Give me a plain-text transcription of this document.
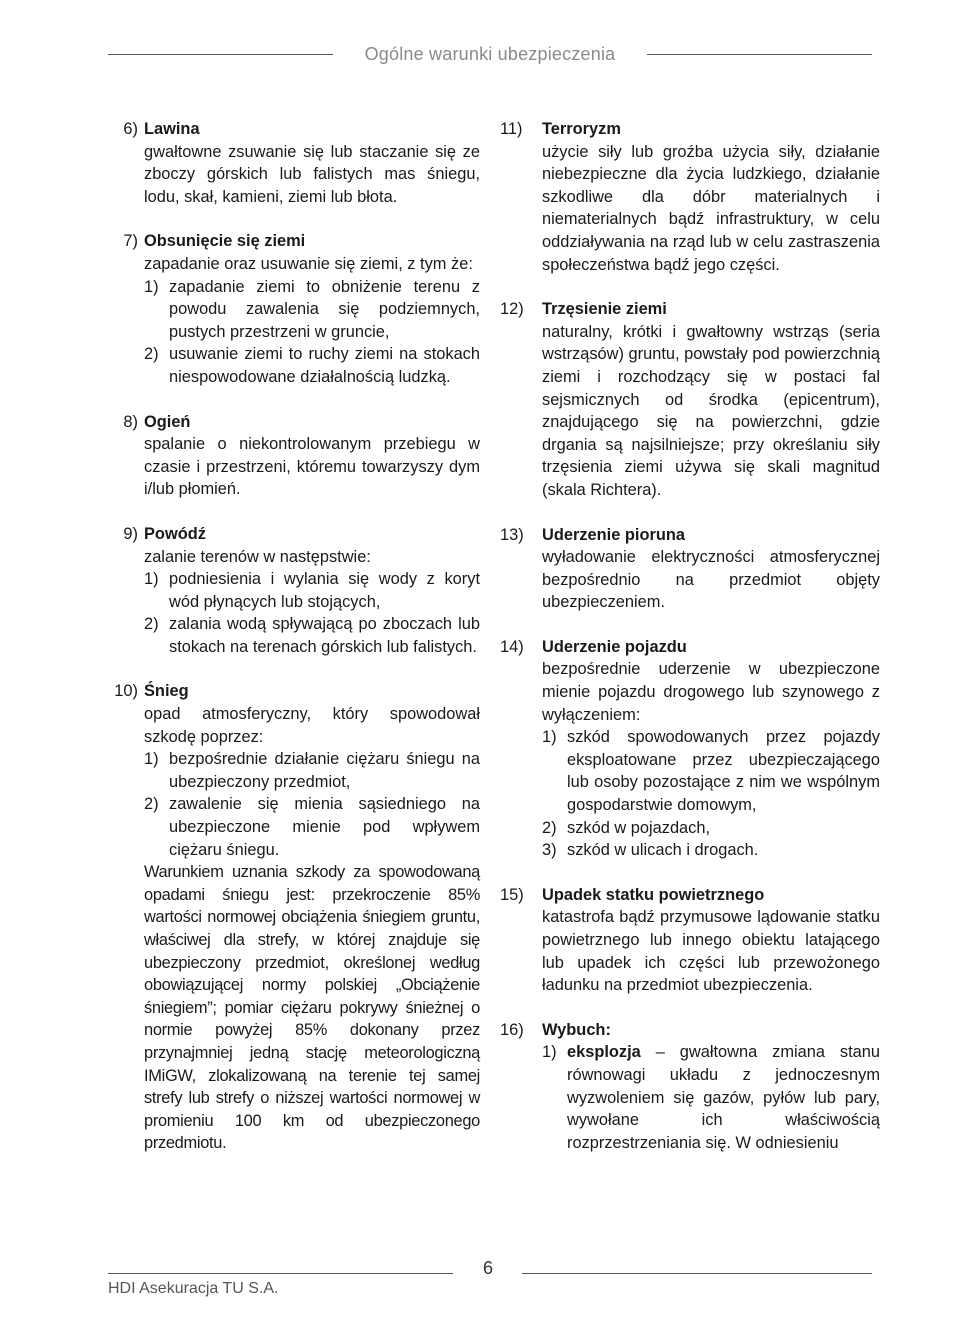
Ogólne warunki ubezpieczenia
6) Lawina
gwałtowne zsuwanie się lub staczanie się ze zboczy górskich lub falistych mas śniegu, lodu, skał, kamieni, ziemi lub błota.
7) Obsunięcie się ziemi
zapadanie oraz usuwanie się ziemi, z tym że:
1) zapadanie ziemi to obniżenie terenu z powodu zawalenia się podziemnych, pustych przestrzeni w gruncie,
2) usuwanie ziemi to ruchy ziemi na stokach niespowodowane działalnością ludzką.
8) Ogień
spalanie o niekontrolowanym przebiegu w czasie i przestrzeni, któremu towarzyszy dym i/lub płomień.
9) Powódź
zalanie terenów w następstwie:
1) podniesienia i wylania się wody z koryt wód płynących lub stojących,
2) zalania wodą spływającą po zboczach lub stokach na terenach górskich lub falistych.
10) Śnieg
opad atmosferyczny, który spowodował szkodę poprzez:
1) bezpośrednie działanie ciężaru śniegu na ubezpieczony przedmiot,
2) zawalenie się mienia sąsiedniego na ubezpieczone mienie pod wpływem ciężaru śniegu.
Warunkiem uznania szkody za spowodowaną opadami śniegu jest: przekroczenie 85% wartości normowej obciążenia śniegiem gruntu, właściwej dla strefy, w której znajduje się ubezpieczony przedmiot, określonej według obowiązującej normy polskiej „Obciążenie śniegiem”; pomiar ciężaru pokrywy śnieżnej o normie powyżej 85% dokonany przez przynajmniej jedną stację meteorologiczną IMiGW, zlokalizowaną na terenie tej samej strefy lub strefy o niższej wartości normowej w promieniu 100 km od ubezpieczonego przedmiotu.
11)	Terroryzm
użycie siły lub groźba użycia siły, działanie niebezpieczne dla życia ludzkiego, działanie szkodliwe dla dóbr materialnych i niematerialnych bądź infrastruktury, w celu oddziaływania na rząd lub w celu zastraszenia społeczeństwa bądź jego części.
12)	Trzęsienie ziemi
naturalny, krótki i gwałtowny wstrząs (seria wstrząsów) gruntu, powstały pod powierzchnią ziemi i rozchodzący się w postaci fal sejsmicznych od środka (epicentrum), znajdującego się na powierzchni, gdzie drgania są najsilniejsze; przy określaniu siły trzęsienia ziemi używa się skali magnitud (skala Richtera).
13)	Uderzenie pioruna
wyładowanie elektryczności atmosferycznej bezpośrednio na przedmiot objęty ubezpieczeniem.
14)	Uderzenie pojazdu
bezpośrednie uderzenie w ubezpieczone mienie pojazdu drogowego lub szynowego z wyłączeniem:
1) szkód spowodowanych przez pojazdy eksploatowane przez ubezpieczającego lub osoby pozostające z nim we wspólnym gospodarstwie domowym,
2) szkód w pojazdach,
3) szkód w ulicach i drogach.
15)	Upadek statku powietrznego
katastrofa bądź przymusowe lądowanie statku powietrznego lub innego obiektu latającego lub upadek ich części lub przewożonego ładunku na przedmiot ubezpieczenia.
16)	Wybuch:
1) eksplozja – gwałtowna zmiana stanu równowagi układu z jednoczesnym wyzwoleniem się gazów, pyłów lub pary, wywołane ich właściwością rozprzestrzeniania się. W odniesieniu
6
HDI Asekuracja TU S.A.
